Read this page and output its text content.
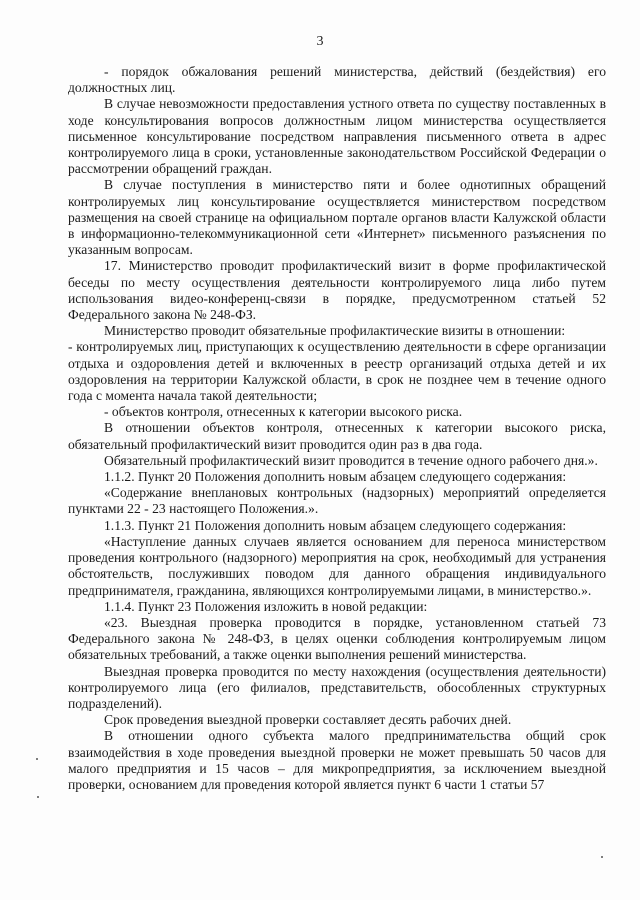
3

- порядок обжалования решений министерства, действий (бездействия) его должностных лиц.

В случае невозможности предоставления устного ответа по существу поставленных в ходе консультирования вопросов должностным лицом министерства осуществляется письменное консультирование посредством направления письменного ответа в адрес контролируемого лица в сроки, установленные законодательством Российской Федерации о рассмотрении обращений граждан.

В случае поступления в министерство пяти и более однотипных обращений контролируемых лиц консультирование осуществляется министерством посредством размещения на своей странице на официальном портале органов власти Калужской области в информационно-телекоммуникационной сети «Интернет» письменного разъяснения по указанным вопросам.

17. Министерство проводит профилактический визит в форме профилактической беседы по месту осуществления деятельности контролируемого лица либо путем использования видео-конференц-связи в порядке, предусмотренном статьей 52 Федерального закона № 248-ФЗ.

Министерство проводит обязательные профилактические визиты в отношении:

- контролируемых лиц, приступающих к осуществлению деятельности в сфере организации отдыха и оздоровления детей и включенных в реестр организаций отдыха детей и их оздоровления на территории Калужской области, в срок не позднее чем в течение одного года с момента начала такой деятельности;

- объектов контроля, отнесенных к категории высокого риска.

В отношении объектов контроля, отнесенных к категории высокого риска, обязательный профилактический визит проводится один раз в два года.

Обязательный профилактический визит проводится в течение одного рабочего дня.».

1.1.2. Пункт 20 Положения дополнить новым абзацем следующего содержания:

«Содержание внеплановых контрольных (надзорных) мероприятий определяется пунктами 22 - 23 настоящего Положения.».

1.1.3. Пункт 21 Положения дополнить новым абзацем следующего содержания:

«Наступление данных случаев является основанием для переноса министерством проведения контрольного (надзорного) мероприятия на срок, необходимый для устранения обстоятельств, послуживших поводом для данного обращения индивидуального предпринимателя, гражданина, являющихся контролируемыми лицами, в министерство.».

1.1.4. Пункт 23 Положения изложить в новой редакции:

«23. Выездная проверка проводится в порядке, установленном статьей 73 Федерального закона № 248-ФЗ, в целях оценки соблюдения контролируемым лицом обязательных требований, а также оценки выполнения решений министерства.

Выездная проверка проводится по месту нахождения (осуществления деятельности) контролируемого лица (его филиалов, представительств, обособленных структурных подразделений).

Срок проведения выездной проверки составляет десять рабочих дней.

В отношении одного субъекта малого предпринимательства общий срок взаимодействия в ходе проведения выездной проверки не может превышать 50 часов для малого предприятия и 15 часов – для микропредприятия, за исключением выездной проверки, основанием для проведения которой является пункт 6 части 1 статьи 57
